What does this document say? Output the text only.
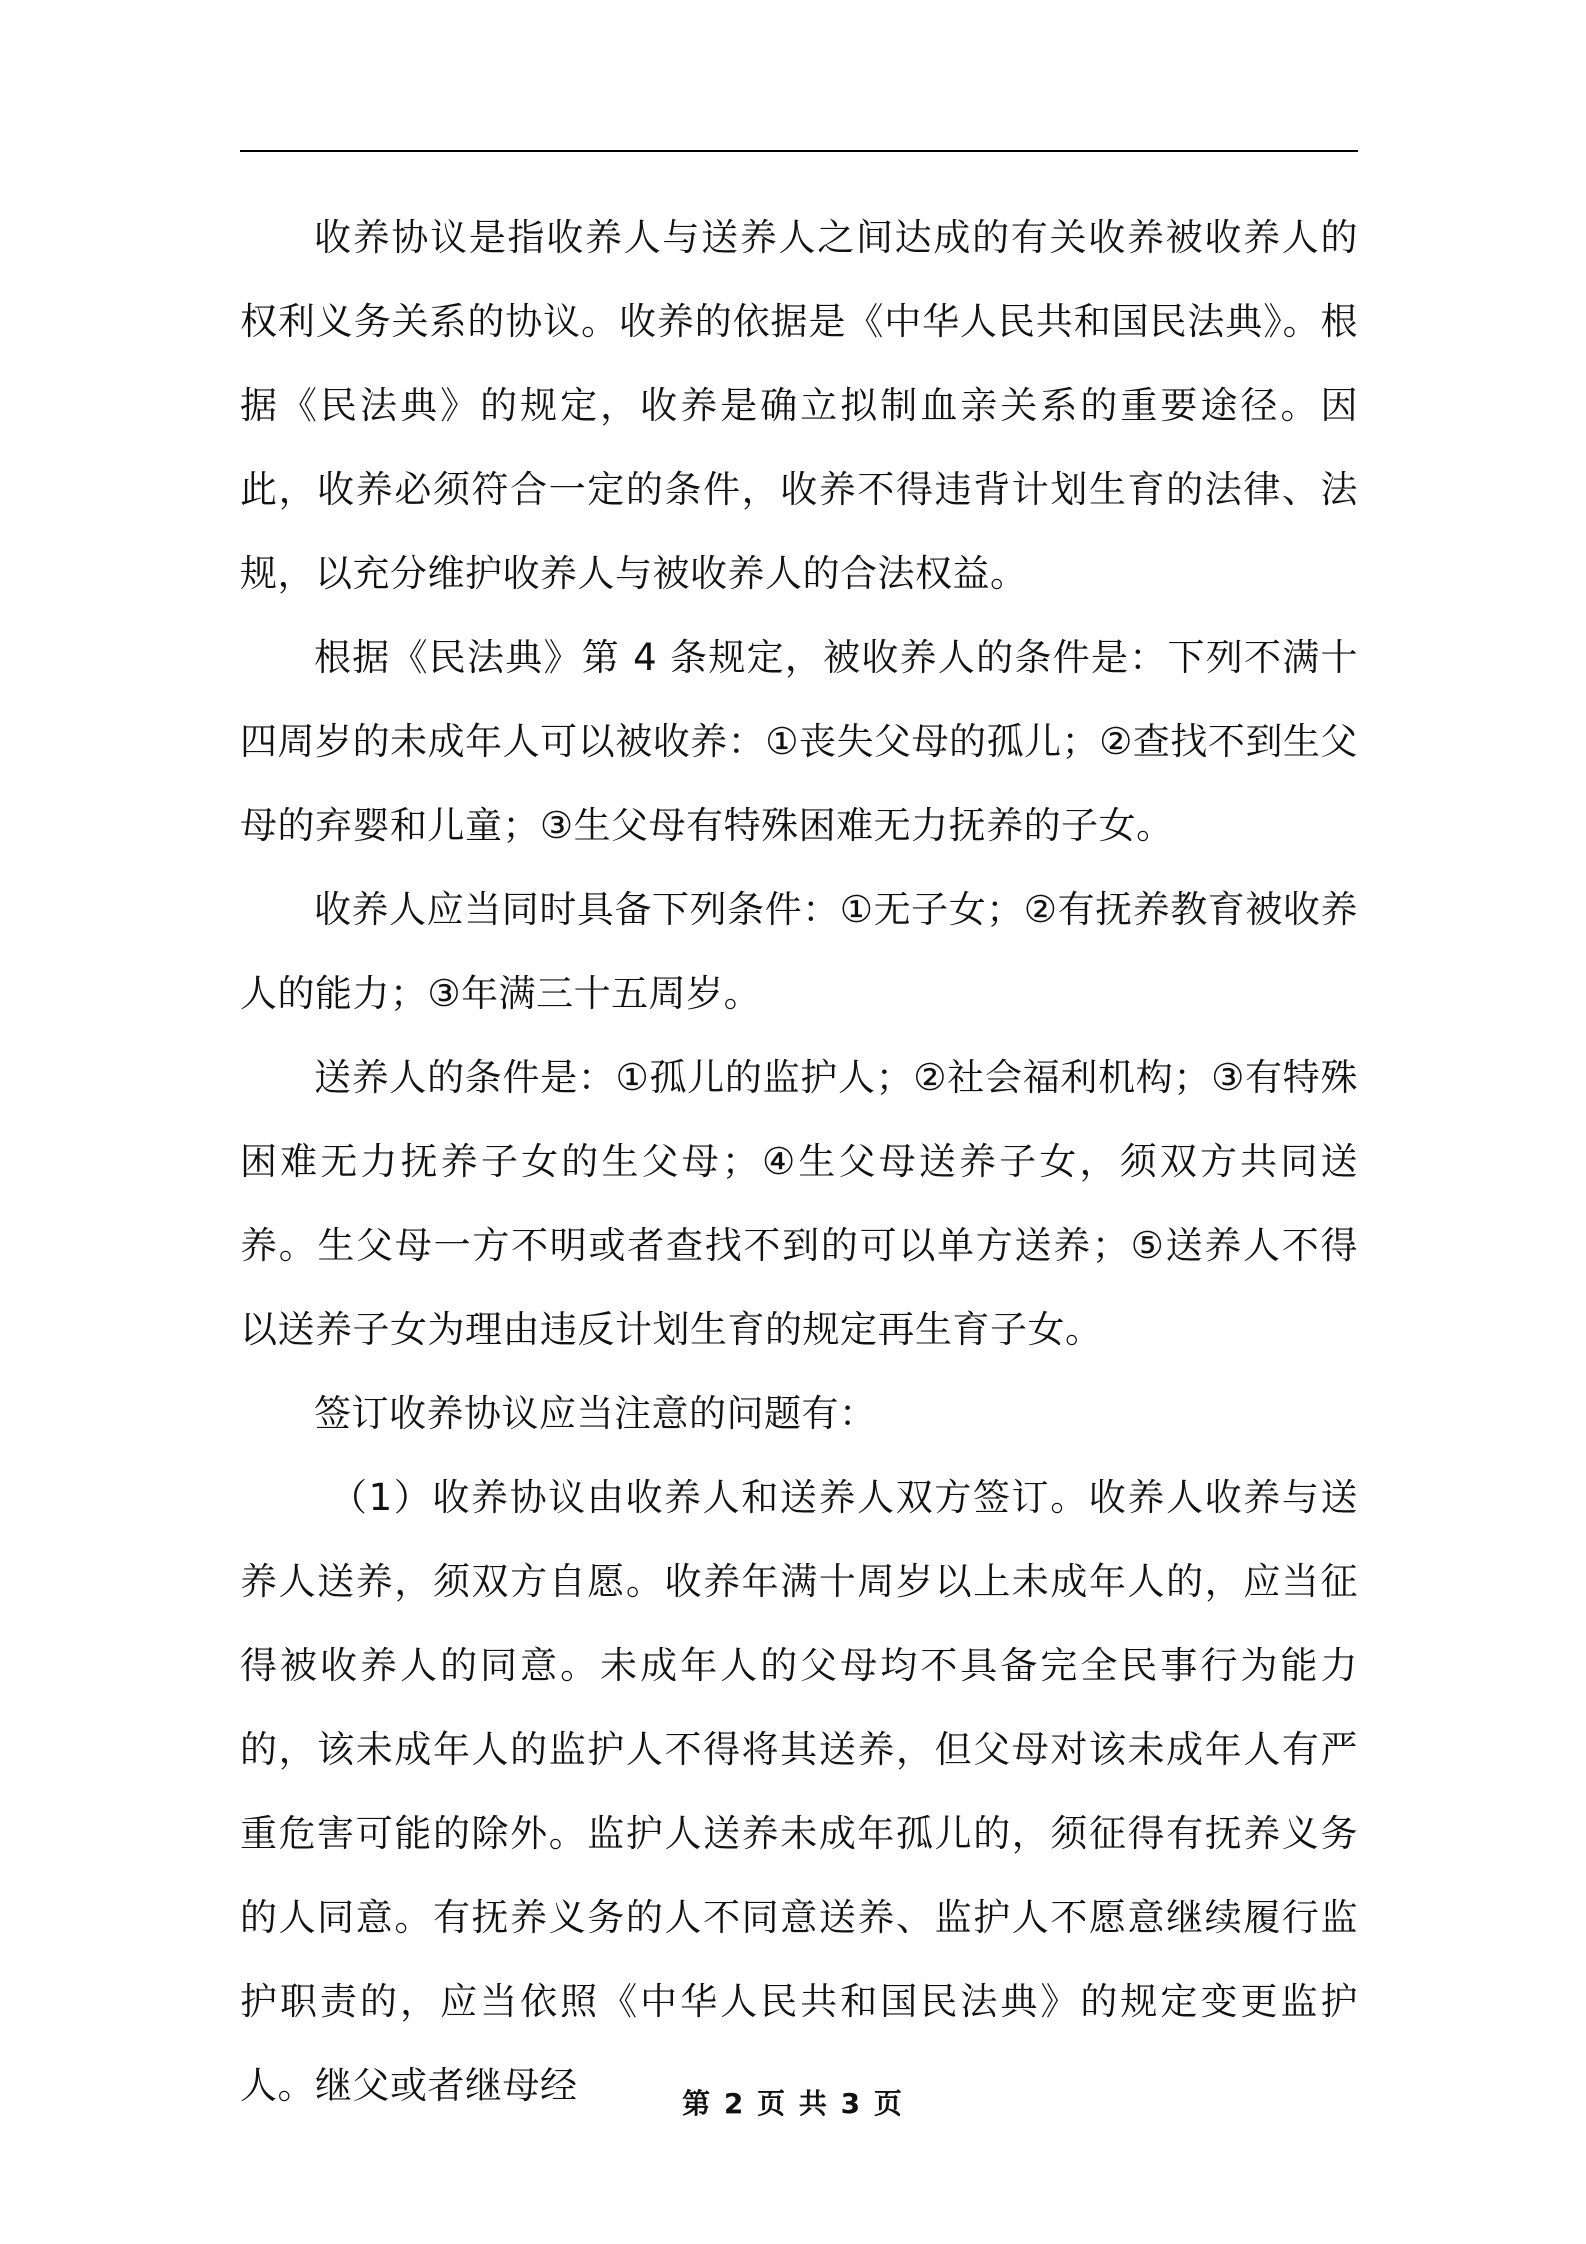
收养协议是指收养人与送养人之间达成的有关收养被收养人的权利义务关系的协议。收养的依据是《中华人民共和国民法典》。根据《民法典》的规定，收养是确立拟制血亲关系的重要途径。因此，收养必须符合一定的条件，收养不得违背计划生育的法律、法规，以充分维护收养人与被收养人的合法权益。

根据《民法典》第 4 条规定，被收养人的条件是：下列不满十四周岁的未成年人可以被收养：①丧失父母的孤儿；②查找不到生父母的弃婴和儿童；③生父母有特殊困难无力抚养的子女。

收养人应当同时具备下列条件：①无子女；②有抚养教育被收养人的能力；③年满三十五周岁。

送养人的条件是：①孤儿的监护人；②社会福利机构；③有特殊困难无力抚养子女的生父母；④生父母送养子女，须双方共同送养。生父母一方不明或者查找不到的可以单方送养；⑤送养人不得以送养子女为理由违反计划生育的规定再生育子女。

签订收养协议应当注意的问题有：

（1）收养协议由收养人和送养人双方签订。收养人收养与送养人送养，须双方自愿。收养年满十周岁以上未成年人的，应当征得被收养人的同意。未成年人的父母均不具备完全民事行为能力的，该未成年人的监护人不得将其送养，但父母对该未成年人有严重危害可能的除外。监护人送养未成年孤儿的，须征得有抚养义务的人同意。有抚养义务的人不同意送养、监护人不愿意继续履行监护职责的，应当依照《中华人民共和国民法典》的规定变更监护人。继父或者继母经	第 2 页 共 3 页
